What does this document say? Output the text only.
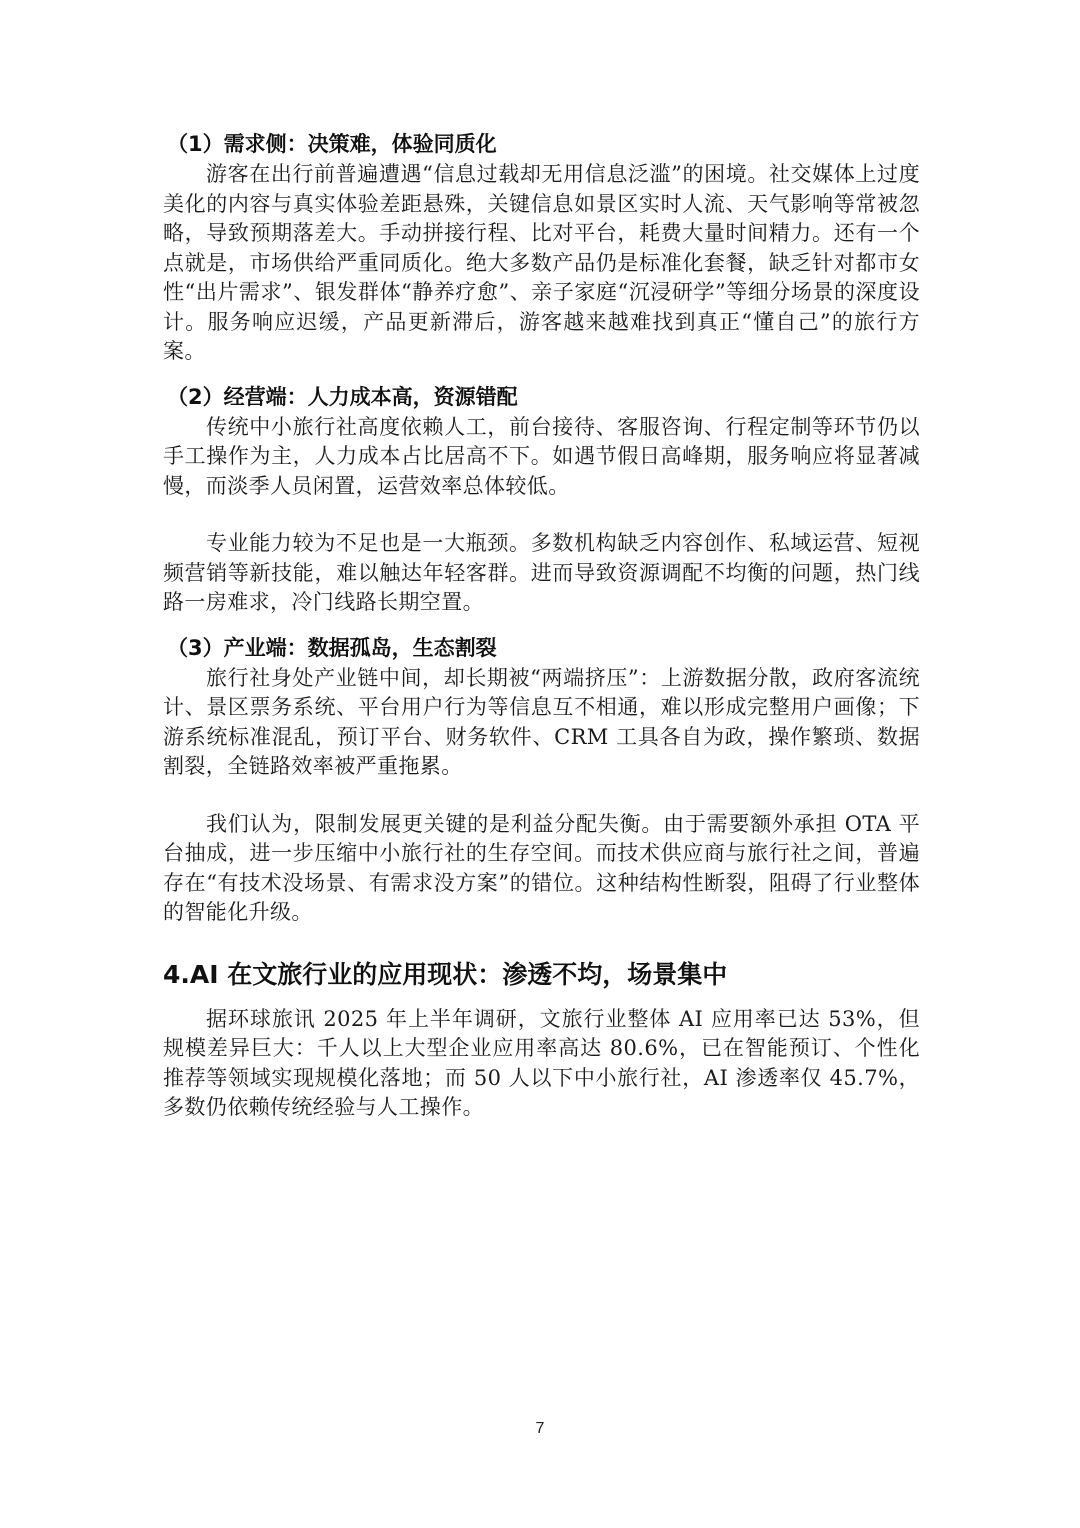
（1）需求侧：决策难，体验同质化

游客在出行前普遍遭遇“信息过载却无用信息泛滥”的困境。社交媒体上过度美化的内容与真实体验差距悬殊，关键信息如景区实时人流、天气影响等常被忽略，导致预期落差大。手动拼接行程、比对平台，耗费大量时间精力。还有一个点就是，市场供给严重同质化。绝大多数产品仍是标准化套餐，缺乏针对都市女性“出片需求”、银发群体“静养疗愈”、亲子家庭“沉浸研学”等细分场景的深度设计。服务响应迟缓，产品更新滞后，游客越来越难找到真正“懂自己”的旅行方案。

（2）经营端：人力成本高，资源错配

传统中小旅行社高度依赖人工，前台接待、客服咨询、行程定制等环节仍以手工操作为主，人力成本占比居高不下。如遇节假日高峰期，服务响应将显著减慢，而淡季人员闲置，运营效率总体较低。

专业能力较为不足也是一大瓶颈。多数机构缺乏内容创作、私域运营、短视频营销等新技能，难以触达年轻客群。进而导致资源调配不均衡的问题，热门线路一房难求，冷门线路长期空置。

（3）产业端：数据孤岛，生态割裂

旅行社身处产业链中间，却长期被“两端挤压”：上游数据分散，政府客流统计、景区票务系统、平台用户行为等信息互不相通，难以形成完整用户画像；下游系统标准混乱，预订平台、财务软件、CRM 工具各自为政，操作繁琐、数据割裂，全链路效率被严重拖累。

我们认为，限制发展更关键的是利益分配失衡。由于需要额外承担 OTA 平台抽成，进一步压缩中小旅行社的生存空间。而技术供应商与旅行社之间，普遍存在“有技术没场景、有需求没方案”的错位。这种结构性断裂，阻碍了行业整体的智能化升级。

4.AI 在文旅行业的应用现状：渗透不均，场景集中

据环球旅讯 2025 年上半年调研，文旅行业整体 AI 应用率已达 53%，但规模差异巨大：千人以上大型企业应用率高达 80.6%，已在智能预订、个性化推荐等领域实现规模化落地；而 50 人以下中小旅行社，AI 渗透率仅 45.7%，多数仍依赖传统经验与人工操作。

7
